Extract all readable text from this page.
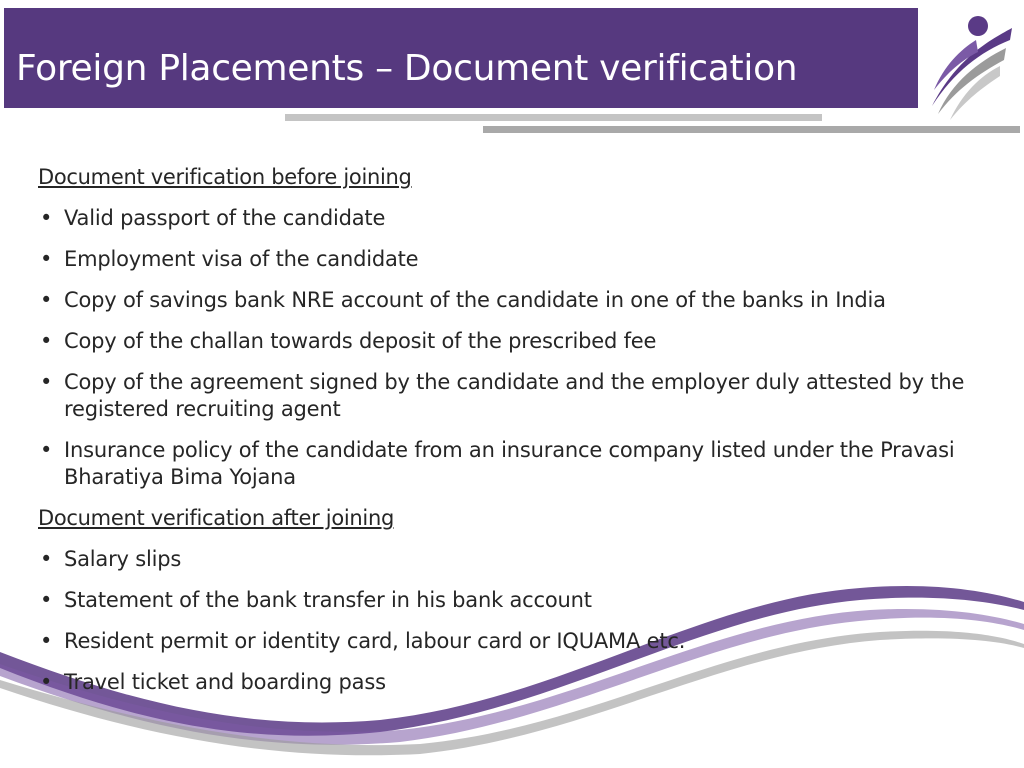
Foreign Placements – Document verification
Document verification before joining
• Valid passport of the candidate
• Employment visa of the candidate
• Copy of savings bank NRE account of the candidate in one of the banks in India
• Copy of the challan towards deposit of the prescribed fee
• Copy of the agreement signed by the candidate and the employer duly attested by the registered recruiting agent
• Insurance policy of the candidate from an insurance company listed under the Pravasi Bharatiya Bima Yojana
Document verification after joining
• Salary slips
• Statement of the bank transfer in his bank account
• Resident permit or identity card, labour card or IQUAMA etc.
• Travel ticket and boarding pass
